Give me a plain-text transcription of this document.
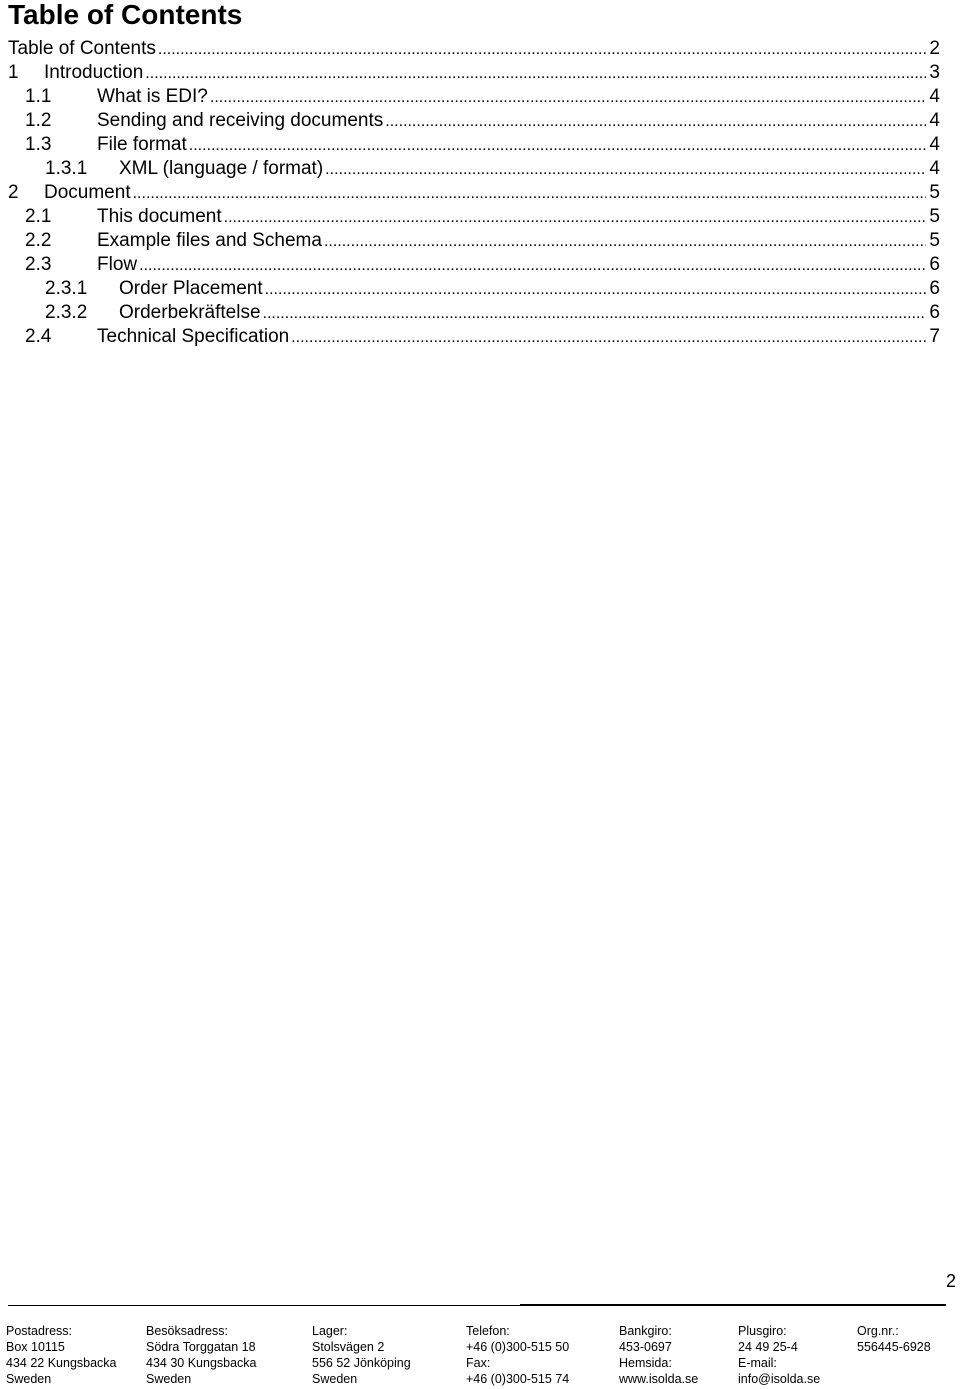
Table of Contents
Table of Contents .....	2
1	Introduction .....	3
1.1	What is EDI? .....	4
1.2	Sending and receiving documents .....	4
1.3	File format .....	4
1.3.1	XML (language / format) .....	4
2	Document .....	5
2.1	This document .....	5
2.2	Example files and Schema .....	5
2.3	Flow .....	6
2.3.1	Order Placement .....	6
2.3.2	Orderbekräftelse .....	6
2.4	Technical Specification .....	7
2
Postadress:
Box 10115
434 22 Kungsbacka
Sweden
Besöksadress:
Södra Torggatan 18
434 30 Kungsbacka
Sweden
Lager:
Stolsvägen 2
556 52 Jönköping
Sweden
Telefon:
+46 (0)300-515 50
Fax:
+46 (0)300-515 74
Bankgiro:
453-0697
Hemsida:
www.isolda.se
Plusgiro:
24 49 25-4
E-mail:
info@isolda.se
Org.nr.:
556445-6928
